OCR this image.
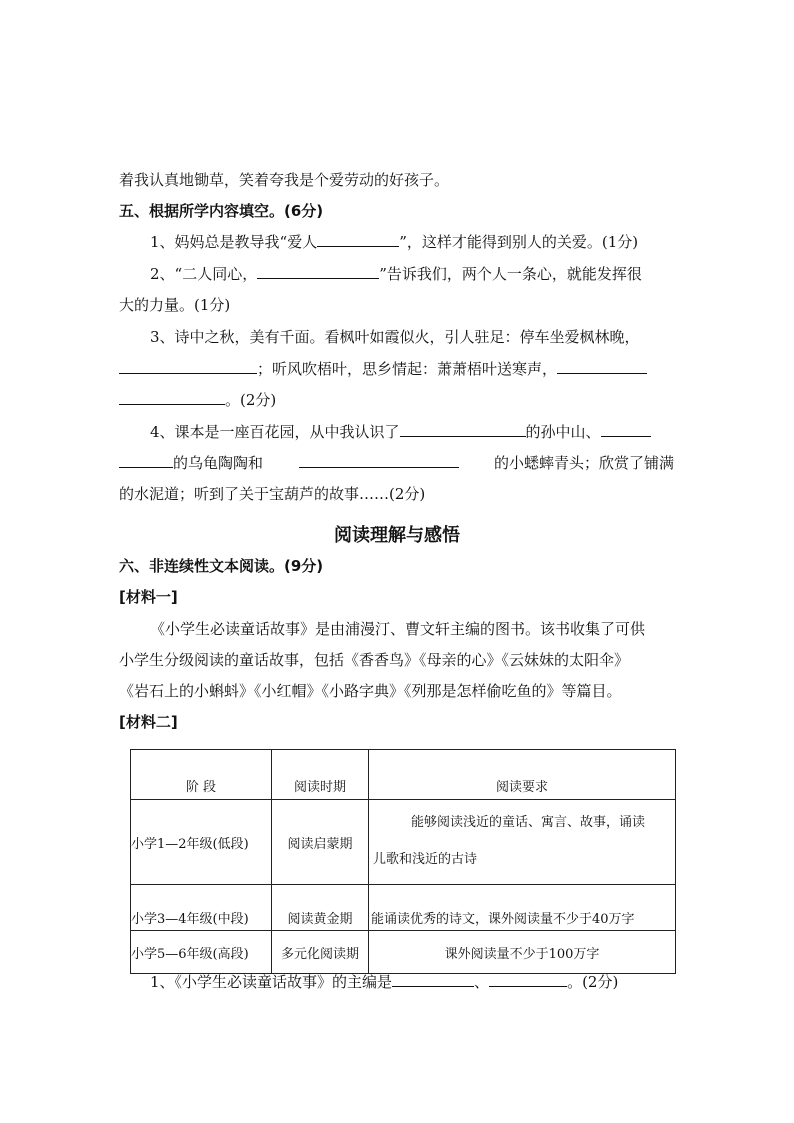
着我认真地锄草，笑着夸我是个爱劳动的好孩子。
五、根据所学内容填空。(6分)
1、妈妈总是教导我“爱人	”，这样才能得到别人的关爱。(1分)
2、“二人同心，	”告诉我们，两个人一条心，就能发挥很
大的力量。(1分)
3、诗中之秋，美有千面。看枫叶如霞似火，引人驻足：停车坐爱枫林晚，
；听风吹梧叶，思乡情起：萧萧梧叶送寒声，
。(2分)
4、课本是一座百花园，从中我认识了	的孙中山、
的乌龟陶陶和	的小蟋蟀青头；欣赏了铺满
的水泥道；听到了关于宝葫芦的故事……(2分)
阅读理解与感悟
六、非连续性文本阅读。(9分)
[材料一]
《小学生必读童话故事》是由浦漫汀、曹文轩主编的图书。该书收集了可供
小学生分级阅读的童话故事，包括《香香鸟》《母亲的心》《云妹妹的太阳伞》
《岩石上的小蝌蚪》《小红帽》《小路字典》《列那是怎样偷吃鱼的》等篇目。
[材料二]
阶 段	阅读时期	阅读要求
小学1—2年级(低段)	阅读启蒙期	能够阅读浅近的童话、寓言、故事，诵读
儿歌和浅近的古诗

小学3—4年级(中段)	阅读黄金期	能诵读优秀的诗文，课外阅读量不少于40万字
小学5—6年级(高段)	多元化阅读期	课外阅读量不少于100万字
1、《小学生必读童话故事》的主编是	、	。(2分)
